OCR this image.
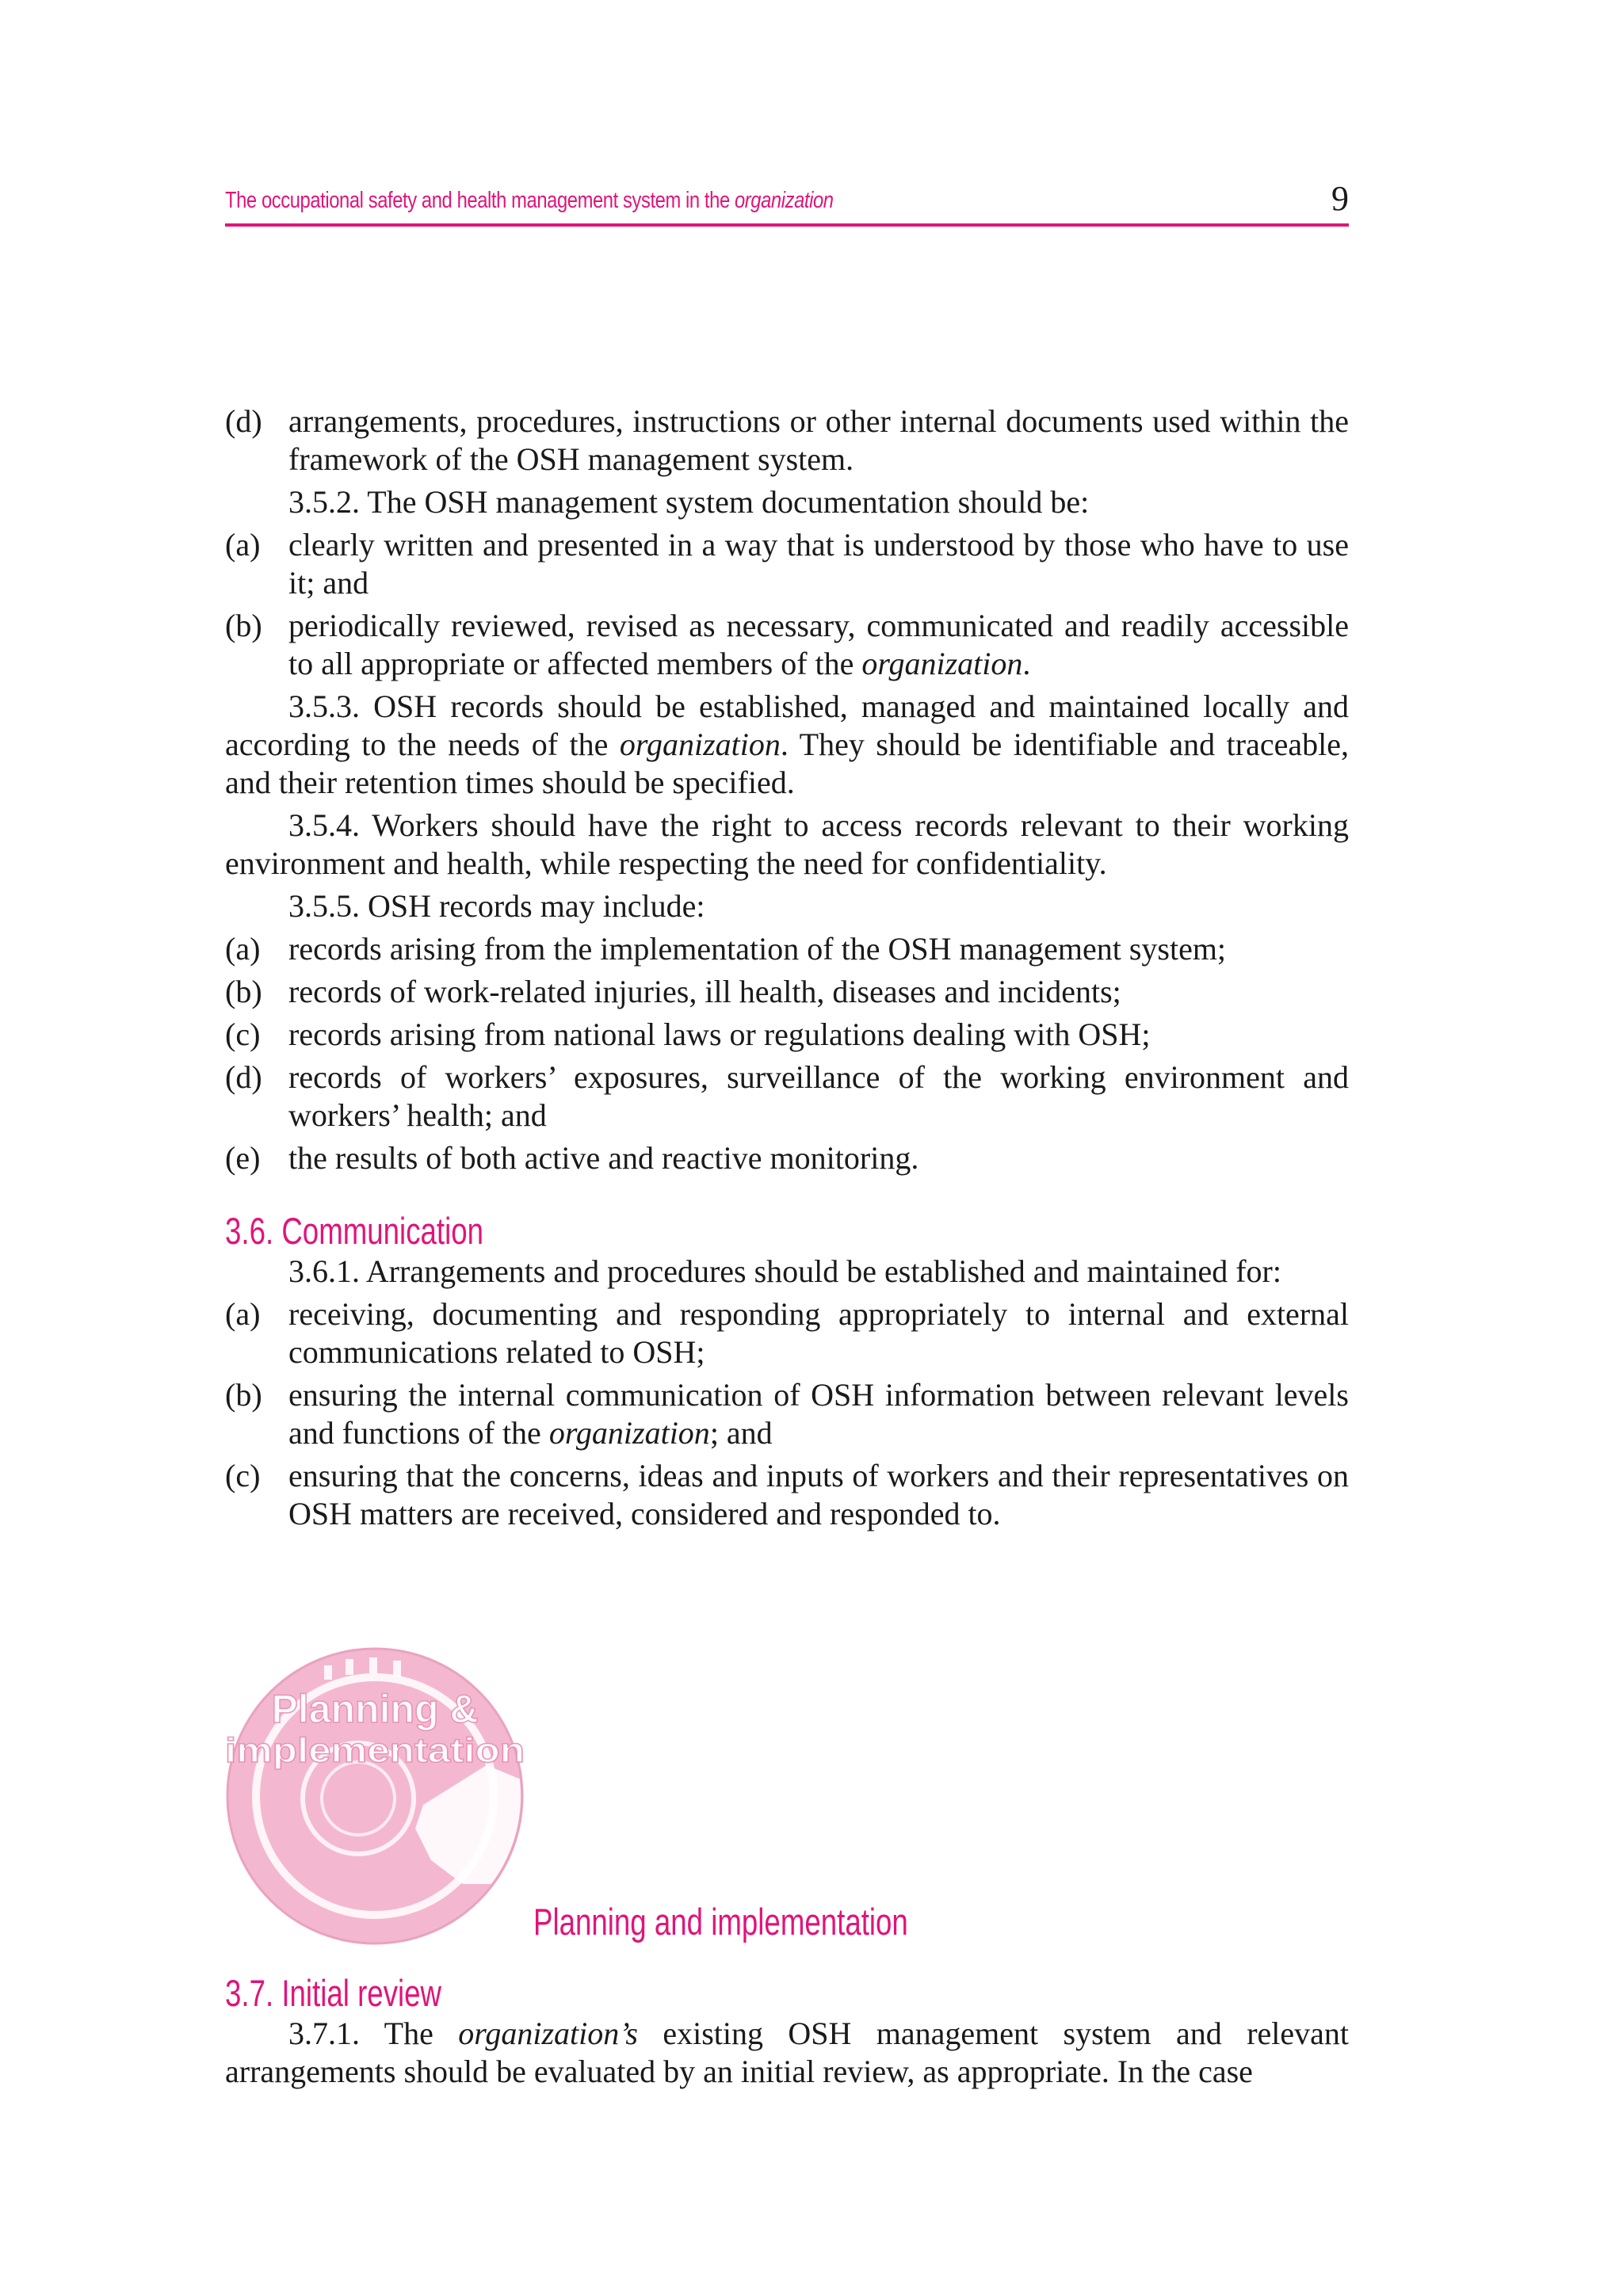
The occupational safety and health management system in the organization	9
(d) arrangements, procedures, instructions or other internal documents used within the framework of the OSH management system.

3.5.2. The OSH management system documentation should be:

(a) clearly written and presented in a way that is understood by those who have to use it; and
(b) periodically reviewed, revised as necessary, communicated and readily accessible to all appropriate or affected members of the organization.

3.5.3. OSH records should be established, managed and maintained locally and according to the needs of the organization. They should be identifiable and traceable, and their retention times should be specified.

3.5.4. Workers should have the right to access records relevant to their working environment and health, while respecting the need for confidentiality.

3.5.5. OSH records may include:

(a) records arising from the implementation of the OSH management system;
(b) records of work-related injuries, ill health, diseases and incidents;
(c) records arising from national laws or regulations dealing with OSH;
(d) records of workers’ exposures, surveillance of the working environment and workers’ health; and
(e) the results of both active and reactive monitoring.
3.6. Communication

3.6.1. Arrangements and procedures should be established and maintained for:

(a) receiving, documenting and responding appropriately to internal and external communications related to OSH;
(b) ensuring the internal communication of OSH information between relevant levels and functions of the organization; and
(c) ensuring that the concerns, ideas and inputs of workers and their representatives on OSH matters are received, considered and responded to.
Planning &
implementation
Planning and implementation
3.7. Initial review

3.7.1. The organization’s existing OSH management system and relevant arrangements should be evaluated by an initial review, as appropriate. In the case
